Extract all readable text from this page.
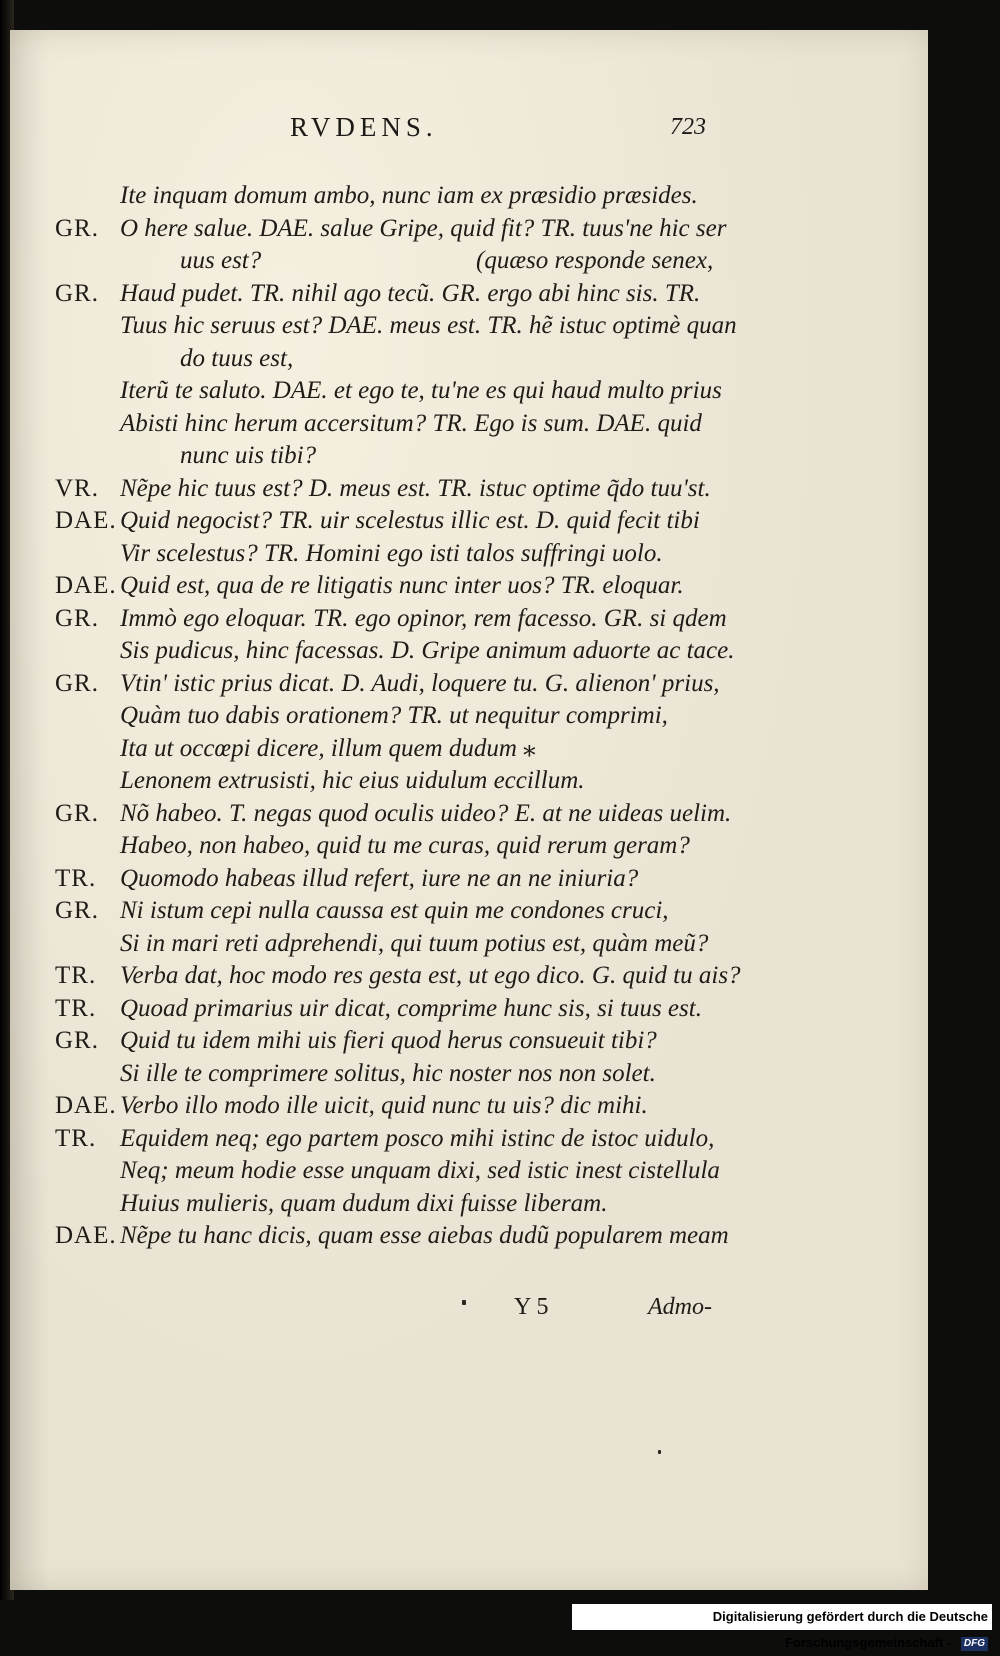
RVDENS.	723
Ite inquam domum ambo, nunc iam ex præsidio præsides.
GR. O here salue. DAE. salue Gripe, quid fit? TR. tuus'ne hic ser
uus est?	(quæso responde senex,
GR. Haud pudet. TR. nihil ago tecũ. GR. ergo abi hinc sis. TR.
Tuus hic seruus est? DAE. meus est. TR. hẽ istuc optimè quan
do tuus est,
Iterũ te saluto. DAE. et ego te, tu'ne es qui haud multo prius
Abisti hinc herum accersitum? TR. Ego is sum. DAE. quid
nunc uis tibi?
VR. Nẽpe hic tuus est? D. meus est. TR. istuc optime q̃do tuu'st.
DAE. Quid negocist? TR. uir scelestus illic est. D. quid fecit tibi
Vir scelestus? TR. Homini ego isti talos suffringi uolo.
DAE. Quid est, qua de re litigatis nunc inter uos? TR. eloquar.
GR. Immò ego eloquar. TR. ego opinor, rem facesso. GR. si qdem
Sis pudicus, hinc facessas. D. Gripe animum aduorte ac tace.
GR. Vtin' istic prius dicat. D. Audi, loquere tu. G. alienon' prius,
Quàm tuo dabis orationem? TR. ut nequitur comprimi,
Ita ut occœpi dicere, illum quem dudum ⁎
Lenonem extrusisti, hic eius uidulum eccillum.
GR. Nõ habeo. T. negas quod oculis uideo? E. at ne uideas uelim.
Habeo, non habeo, quid tu me curas, quid rerum geram?
TR. Quomodo habeas illud refert, iure ne an ne iniuria?
GR. Ni istum cepi nulla caussa est quin me condones cruci,
Si in mari reti adprehendi, qui tuum potius est, quàm meũ?
TR. Verba dat, hoc modo res gesta est, ut ego dico. G. quid tu ais?
TR. Quoad primarius uir dicat, comprime hunc sis, si tuus est.
GR. Quid tu idem mihi uis fieri quod herus consueuit tibi?
Si ille te comprimere solitus, hic noster nos non solet.
DAE. Verbo illo modo ille uicit, quid nunc tu uis? dic mihi.
TR. Equidem neq; ego partem posco mihi istinc de istoc uidulo,
Neq; meum hodie esse unquam dixi, sed istic inest cistellula
Huius mulieris, quam dudum dixi fuisse liberam.
DAE. Nẽpe tu hanc dicis, quam esse aiebas dudũ popularem meam
Y 5	Admo-
Digitalisierung gefördert durch die Deutsche Forschungsgemeinschaft - DFG
